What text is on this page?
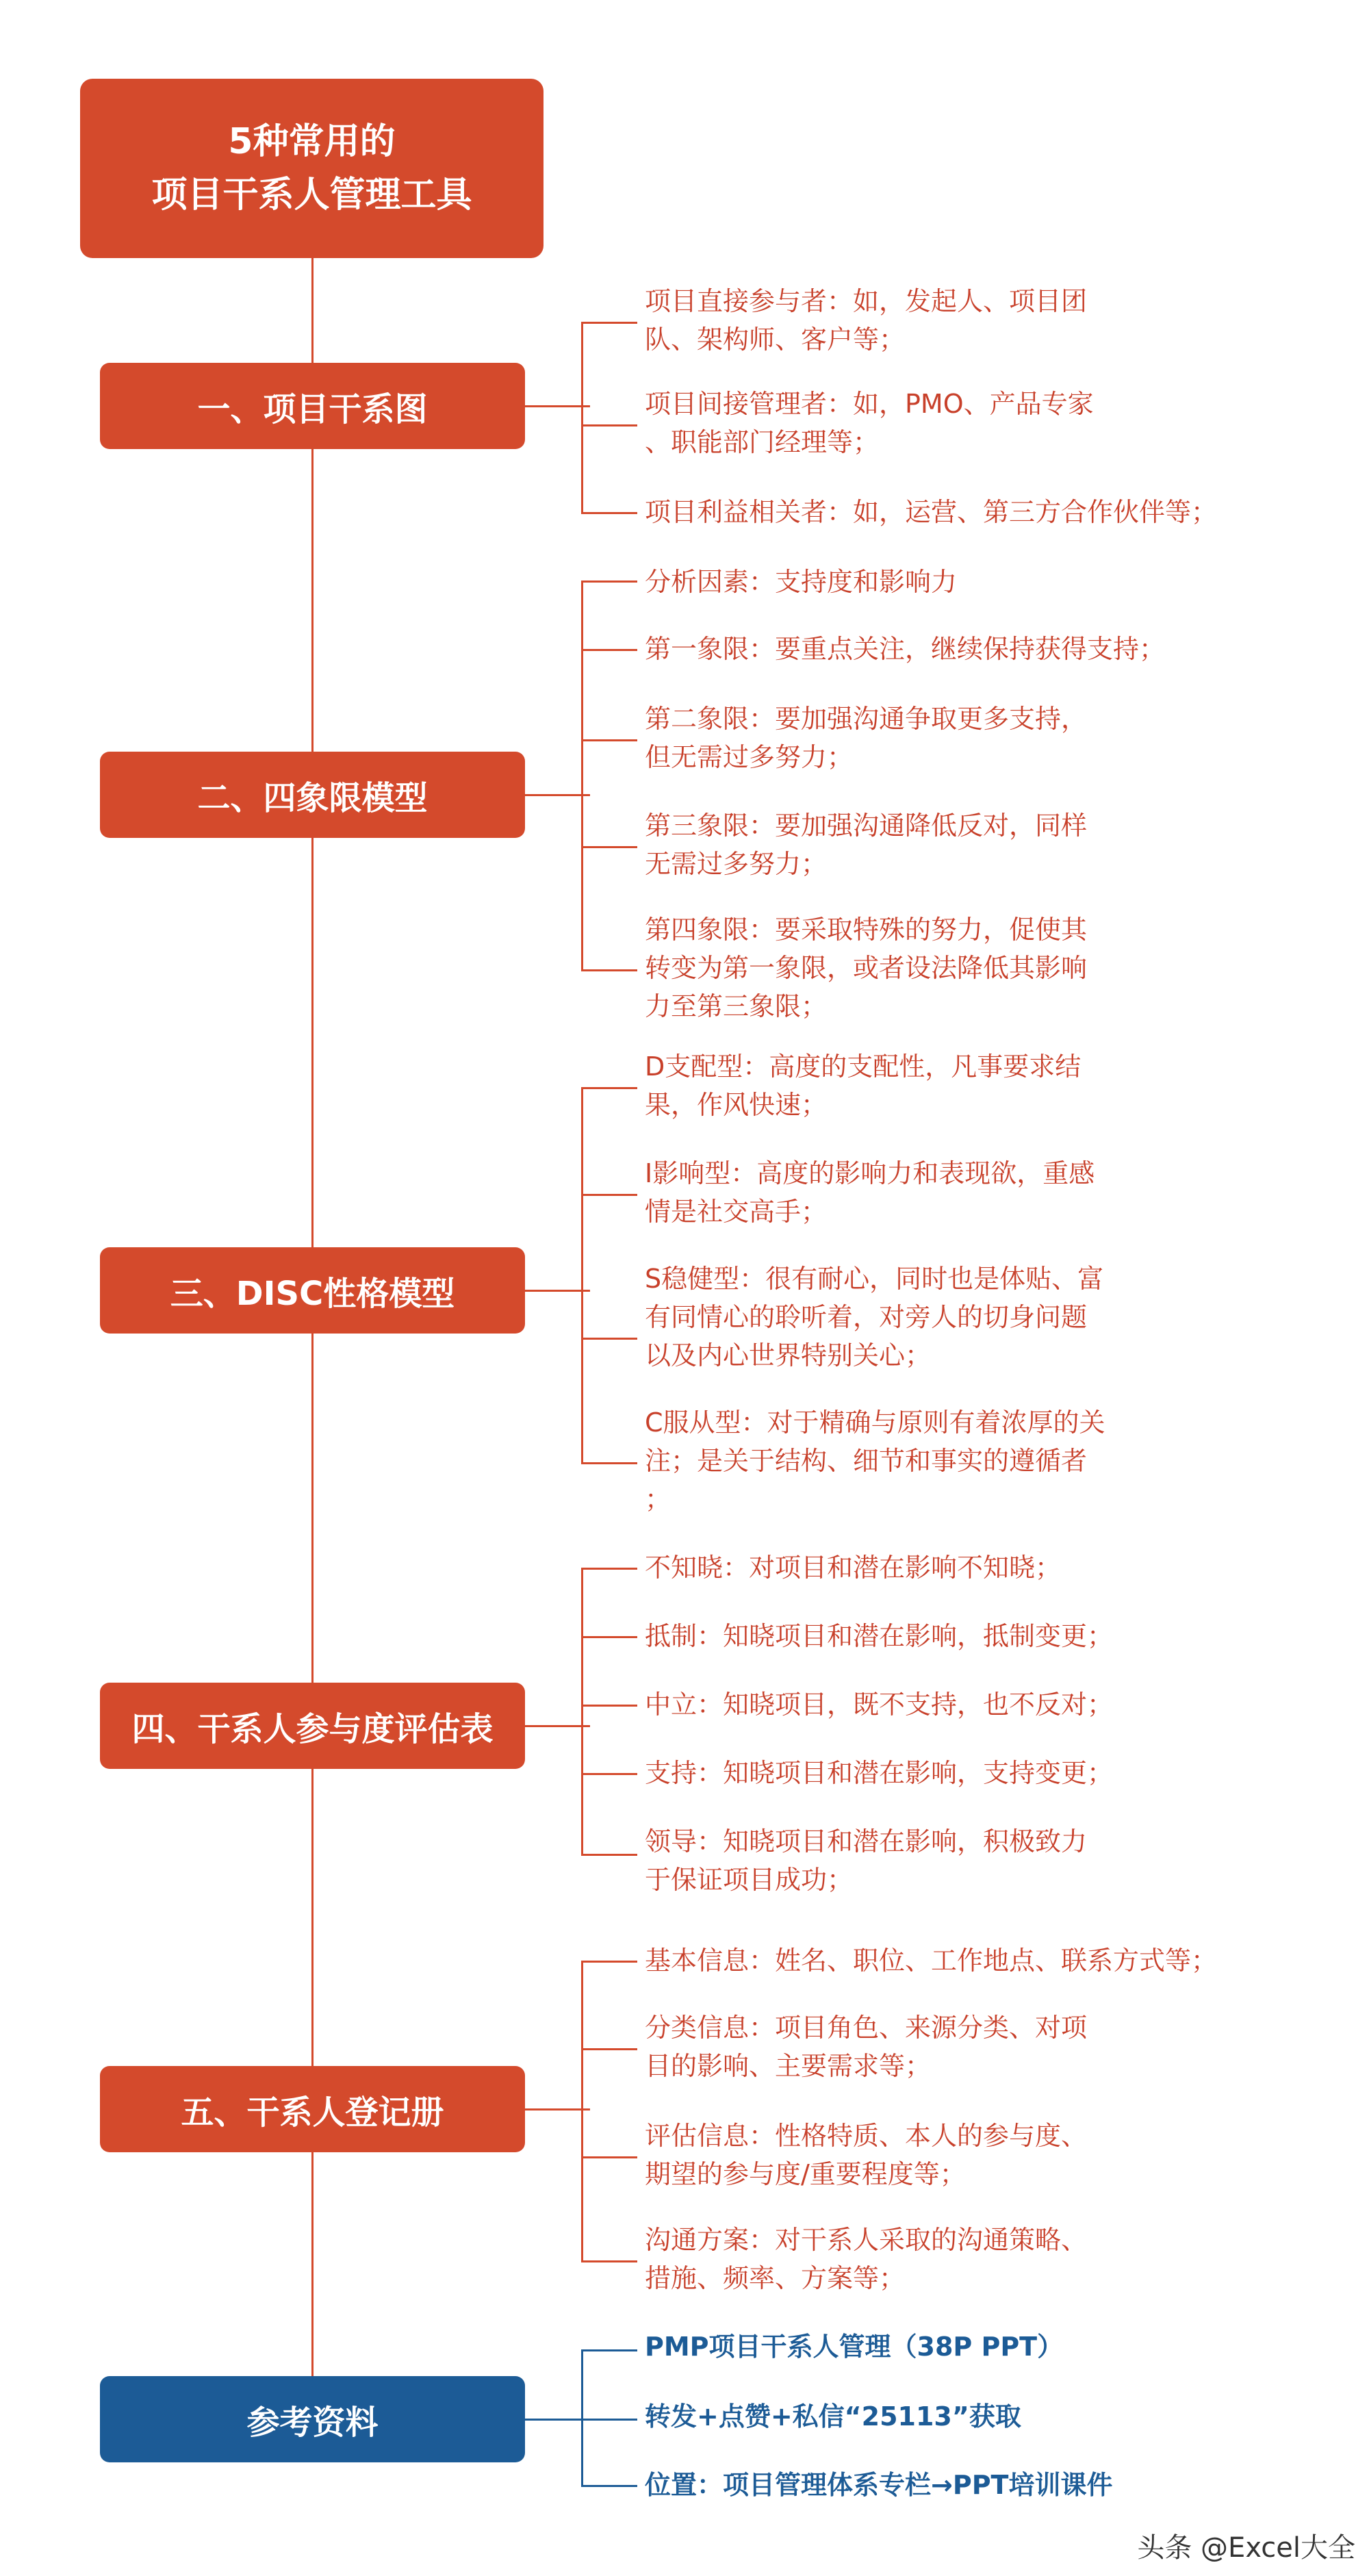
5种常用的
项目干系人管理工具
一、项目干系图
项目直接参与者：如，发起人、项目团
队、架构师、客户等；
项目间接管理者：如，PMO、产品专家
、职能部门经理等；
项目利益相关者：如，运营、第三方合作伙伴等；
二、四象限模型
分析因素：支持度和影响力
第一象限：要重点关注，继续保持获得支持；
第二象限：要加强沟通争取更多支持，
但无需过多努力；
第三象限：要加强沟通降低反对，同样
无需过多努力；
第四象限：要采取特殊的努力，促使其
转变为第一象限，或者设法降低其影响
力至第三象限；
三、DISC性格模型
D支配型：高度的支配性，凡事要求结
果，作风快速；
I影响型：高度的影响力和表现欲，重感
情是社交高手；
S稳健型：很有耐心，同时也是体贴、富
有同情心的聆听着，对旁人的切身问题
以及内心世界特别关心；
C服从型：对于精确与原则有着浓厚的关
注；是关于结构、细节和事实的遵循者
；
四、干系人参与度评估表
不知晓：对项目和潜在影响不知晓；
抵制：知晓项目和潜在影响，抵制变更；
中立：知晓项目，既不支持，也不反对；
支持：知晓项目和潜在影响，支持变更；
领导：知晓项目和潜在影响，积极致力
于保证项目成功；
五、干系人登记册
基本信息：姓名、职位、工作地点、联系方式等；
分类信息：项目角色、来源分类、对项
目的影响、主要需求等；
评估信息：性格特质、本人的参与度、
期望的参与度/重要程度等；
沟通方案：对干系人采取的沟通策略、
措施、频率、方案等；
参考资料
PMP项目干系人管理（38P PPT）
转发+点赞+私信“25113”获取
位置：项目管理体系专栏→PPT培训课件
头条 @Excel大全
